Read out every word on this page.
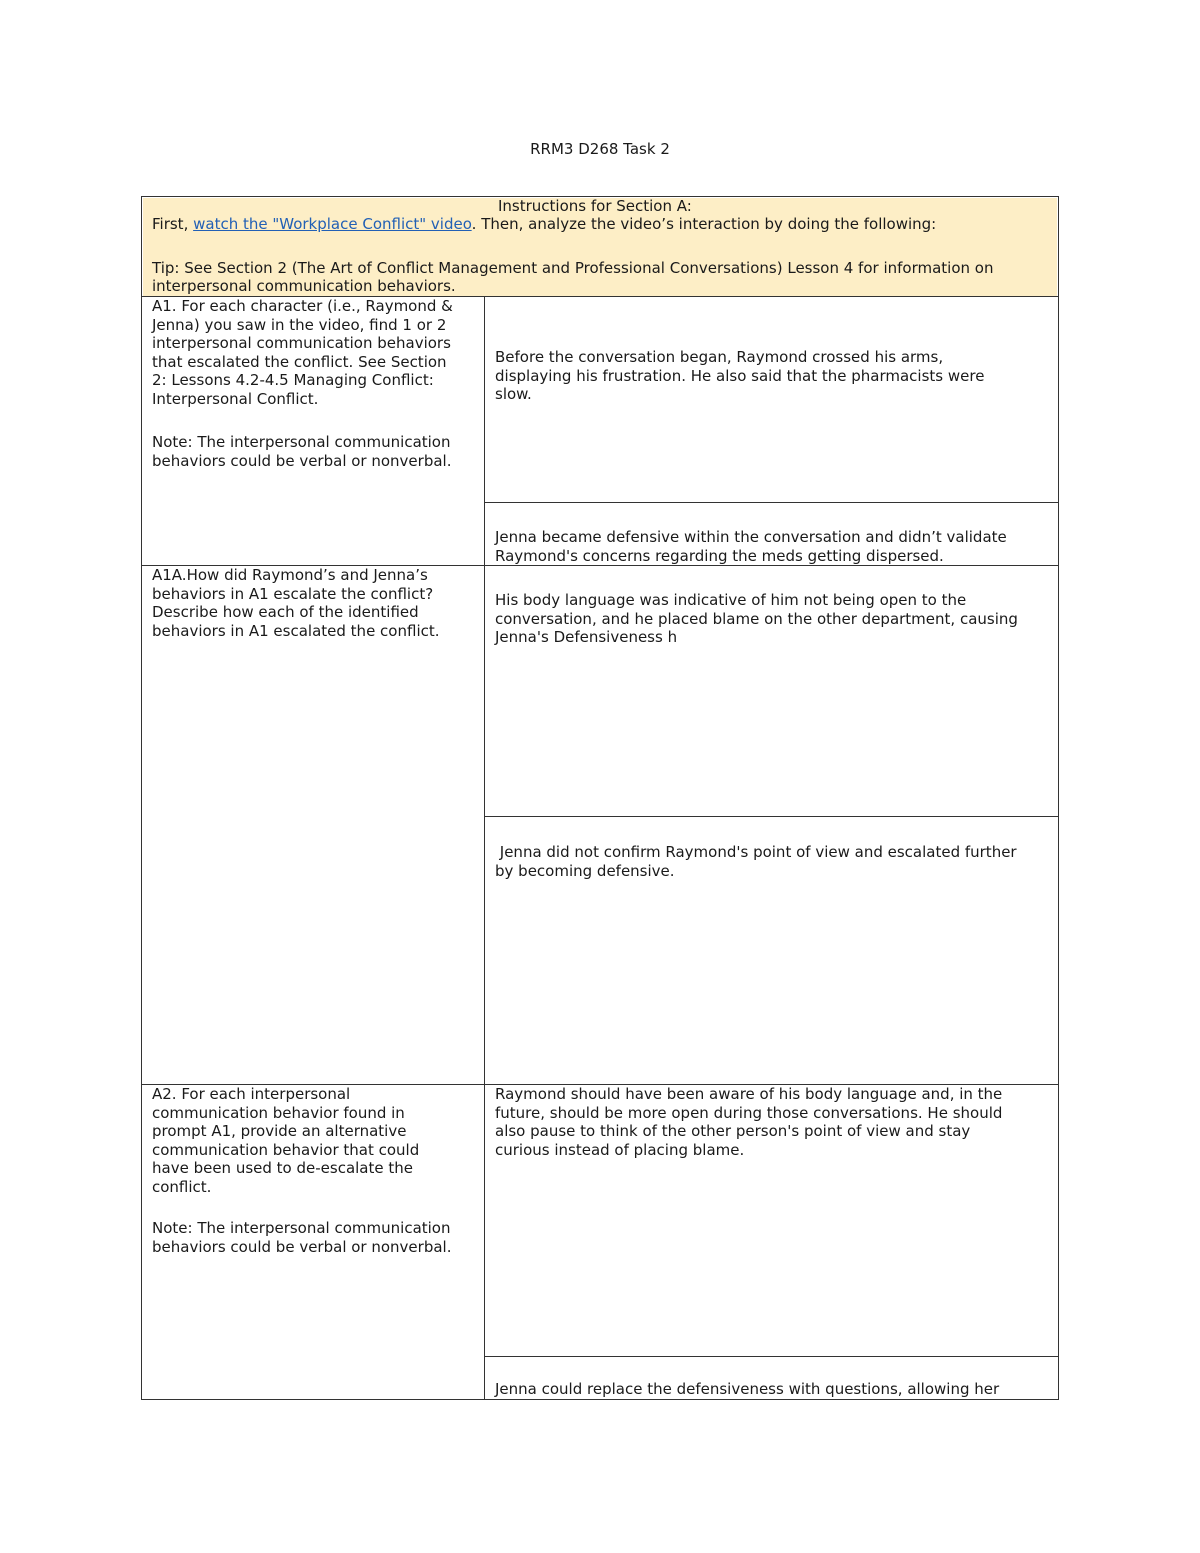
RRM3 D268 Task 2
Instructions for Section A:
First, watch the "Workplace Conflict" video. Then, analyze the video’s interaction by doing the following:
Tip: See Section 2 (The Art of Conflict Management and Professional Conversations) Lesson 4 for information on
interpersonal communication behaviors.
A1. For each character (i.e., Raymond &
Jenna) you saw in the video, find 1 or 2
interpersonal communication behaviors
that escalated the conflict. See Section
2: Lessons 4.2-4.5 Managing Conflict:
Interpersonal Conflict.
Note: The interpersonal communication
behaviors could be verbal or nonverbal.
Before the conversation began, Raymond crossed his arms,
displaying his frustration. He also said that the pharmacists were
slow.
Jenna became defensive within the conversation and didn’t validate
Raymond's concerns regarding the meds getting dispersed.
A1A.How did Raymond’s and Jenna’s
behaviors in A1 escalate the conflict?
Describe how each of the identified
behaviors in A1 escalated the conflict.
His body language was indicative of him not being open to the
conversation, and he placed blame on the other department, causing
Jenna's Defensiveness h
Jenna did not confirm Raymond's point of view and escalated further
by becoming defensive.
A2. For each interpersonal
communication behavior found in
prompt A1, provide an alternative
communication behavior that could
have been used to de-escalate the
conflict.
Note: The interpersonal communication
behaviors could be verbal or nonverbal.
Raymond should have been aware of his body language and, in the
future, should be more open during those conversations. He should
also pause to think of the other person's point of view and stay
curious instead of placing blame.
Jenna could replace the defensiveness with questions, allowing her
